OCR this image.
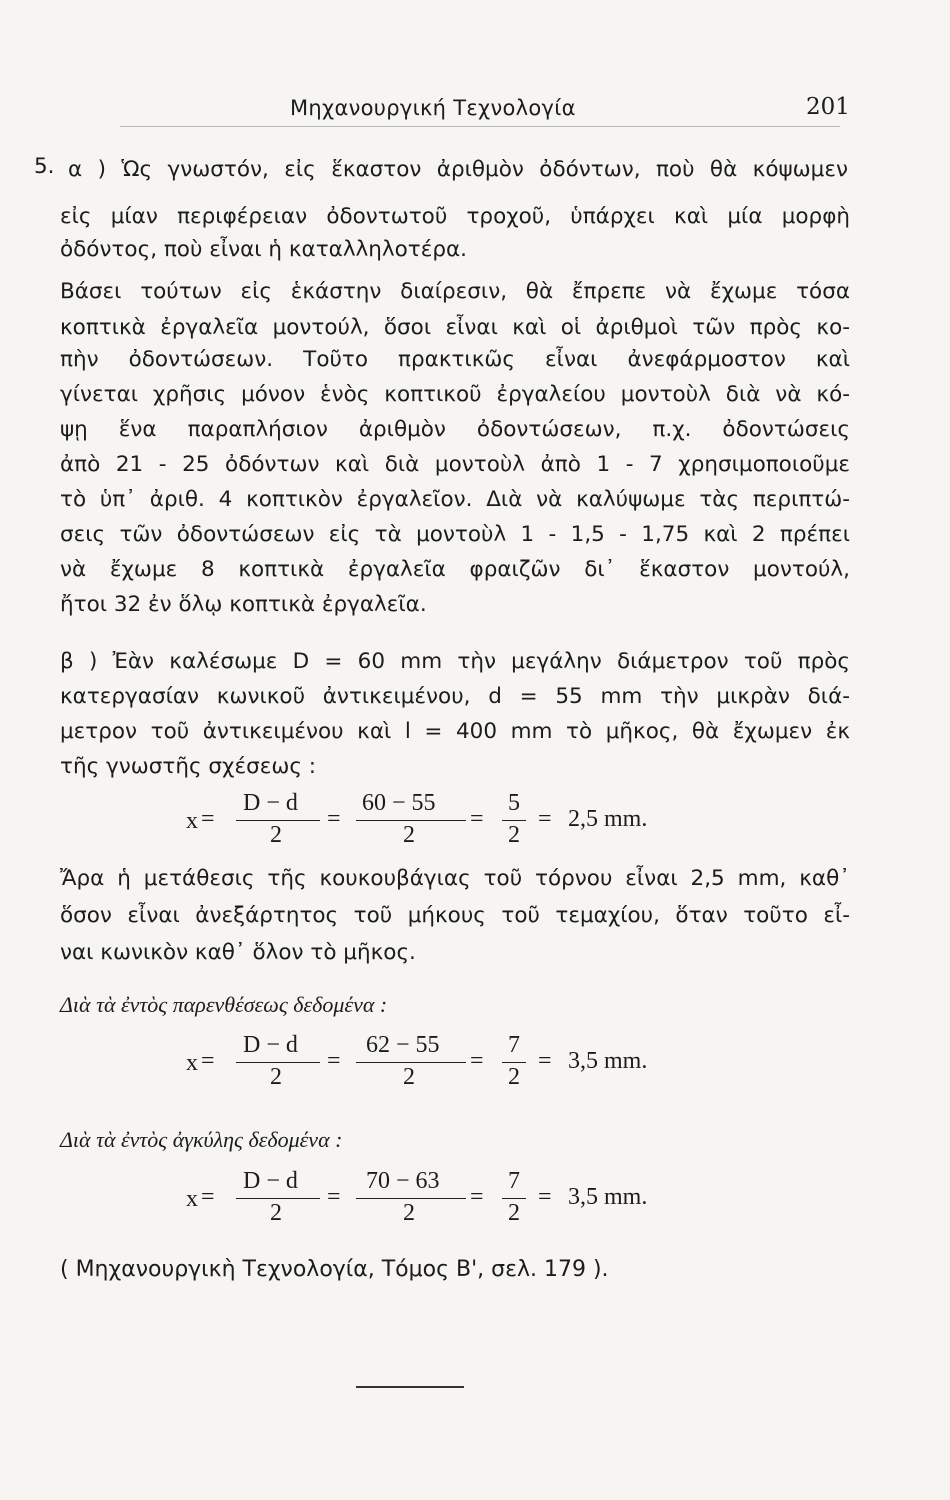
Μηχανουργική Τεχνολογία	201
5. α ) Ὡς γνωστόν, εἰς ἕκαστον ἀριθμὸν ὀδόντων, ποὺ θὰ κόψωμεν
εἰς μίαν περιφέρειαν ὀδοντωτοῦ τροχοῦ, ὑπάρχει καὶ μία μορφὴ
ὀδόντος, ποὺ εἶναι ἡ καταλληλοτέρα.
Βάσει τούτων εἰς ἑκάστην διαίρεσιν, θὰ ἔπρεπε νὰ ἔχωμε τόσα
κοπτικὰ ἐργαλεῖα μοντούλ, ὅσοι εἶναι καὶ οἱ ἀριθμοὶ τῶν πρὸς κο-
πὴν ὀδοντώσεων. Τοῦτο πρακτικῶς εἶναι ἀνεφάρμοστον καὶ
γίνεται χρῆσις μόνον ἑνὸς κοπτικοῦ ἐργαλείου μοντοὺλ διὰ νὰ κό-
ψῃ ἕνα παραπλήσιον ἀριθμὸν ὀδοντώσεων, π.χ. ὀδοντώσεις
ἀπὸ 21 - 25 ὀδόντων καὶ διὰ μοντοὺλ ἀπὸ 1 - 7 χρησιμοποιοῦμε
τὸ ὑπ᾿ ἀριθ. 4 κοπτικὸν ἐργαλεῖον. Διὰ νὰ καλύψωμε τὰς περιπτώ-
σεις τῶν ὀδοντώσεων εἰς τὰ μοντοὺλ 1 - 1,5 - 1,75 καὶ 2 πρέπει
νὰ ἔχωμε 8 κοπτικὰ ἐργαλεῖα φραιζῶν δι᾿ ἕκαστον μοντούλ,
ἤτοι 32 ἐν ὅλῳ κοπτικὰ ἐργαλεῖα.
β ) Ἐὰν καλέσωμε D = 60 mm τὴν μεγάλην διάμετρον τοῦ πρὸς
κατεργασίαν κωνικοῦ ἀντικειμένου, d = 55 mm τὴν μικρὰν διά-
μετρον τοῦ ἀντικειμένου καὶ l = 400 mm τὸ μῆκος, θὰ ἔχωμεν ἐκ
τῆς γνωστῆς σχέσεως :
x =
D − d
2
=
60 − 55
2
=
5
2
= 2,5 mm.
Ἄρα ἡ μετάθεσις τῆς κουκουβάγιας τοῦ τόρνου εἶναι 2,5 mm, καθ᾿
ὅσον εἶναι ἀνεξάρτητος τοῦ μήκους τοῦ τεμαχίου, ὅταν τοῦτο εἶ-
ναι κωνικὸν καθ᾿ ὅλον τὸ μῆκος.
Διὰ τὰ ἐντὸς παρενθέσεως δεδομένα :
x =
D − d
2
=
62 − 55
2
=
7
2
= 3,5 mm.
Διὰ τὰ ἐντὸς ἀγκύλης δεδομένα :
x =
D − d
2
=
70 − 63
2
=
7
2
= 3,5 mm.
( Μηχανουργικὴ Τεχνολογία, Τόμος Β', σελ. 179 ).
